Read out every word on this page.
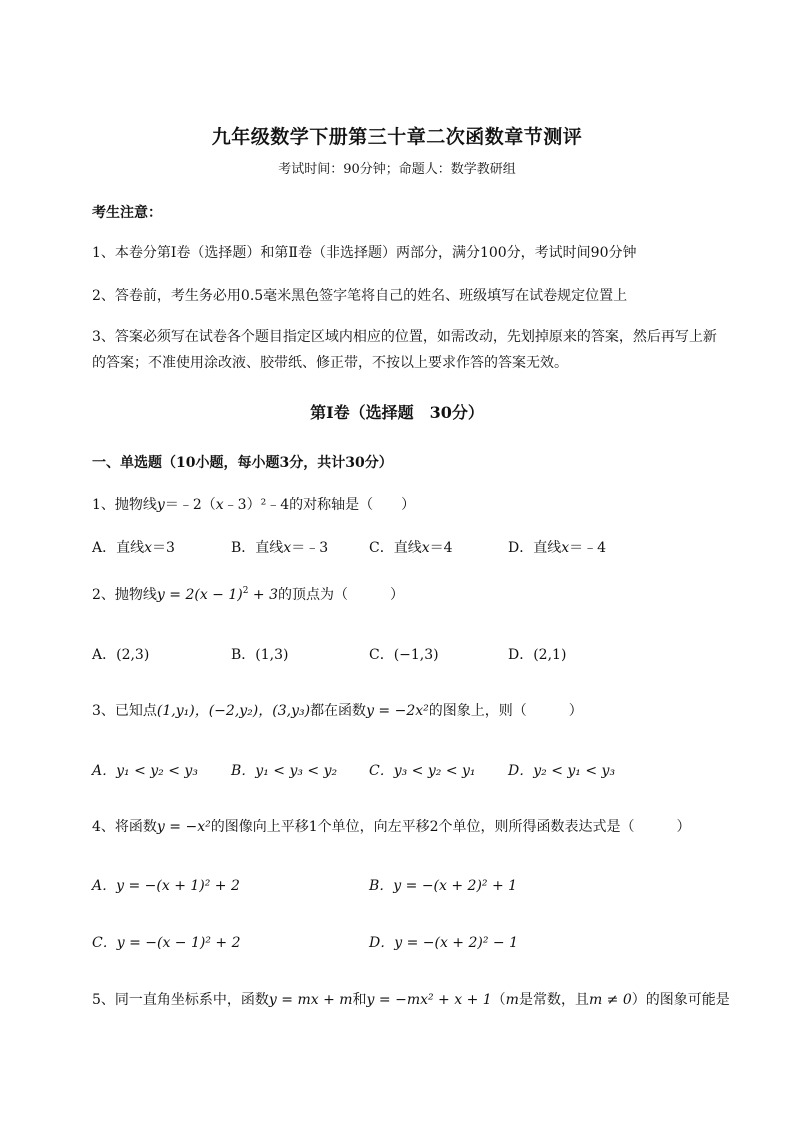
九年级数学下册第三十章二次函数章节测评
考试时间：90分钟；命题人：数学教研组
考生注意：
1、本卷分第Ⅰ卷（选择题）和第Ⅱ卷（非选择题）两部分，满分100分，考试时间90分钟
2、答卷前，考生务必用0.5毫米黑色签字笔将自己的姓名、班级填写在试卷规定位置上
3、答案必须写在试卷各个题目指定区域内相应的位置，如需改动，先划掉原来的答案，然后再写上新
的答案；不准使用涂改液、胶带纸、修正带，不按以上要求作答的答案无效。
第Ⅰ卷（选择题　30分）
一、单选题（10小题，每小题3分，共计30分）
1、抛物线y＝﹣2（x﹣3）²﹣4的对称轴是（　　）
A．直线x＝3	B．直线x＝﹣3	C．直线x＝4	D．直线x＝﹣4
2、抛物线$y = 2(x - 1)^2 + 3$的顶点为（　　　）
A．(2,3)	B．(1,3)	C．(−1,3)	D．(2,1)
3、已知点(1,y₁)，(−2,y₂)，(3,y₃)都在函数y = −2x²的图象上，则（　　　）
A．y₁ < y₂ < y₃ B．y₁ < y₃ < y₂ C．y₃ < y₂ < y₁ D．y₂ < y₁ < y₃
4、将函数y = −x²的图像向上平移1个单位，向左平移2个单位，则所得函数表达式是（　　　）
A．y = −(x + 1)² + 2	B．y = −(x + 2)² + 1
C．y = −(x − 1)² + 2	D．y = −(x + 2)² − 1
5、同一直角坐标系中，函数y = mx + m和y = −mx² + x + 1（m是常数，且m ≠ 0）的图象可能是
